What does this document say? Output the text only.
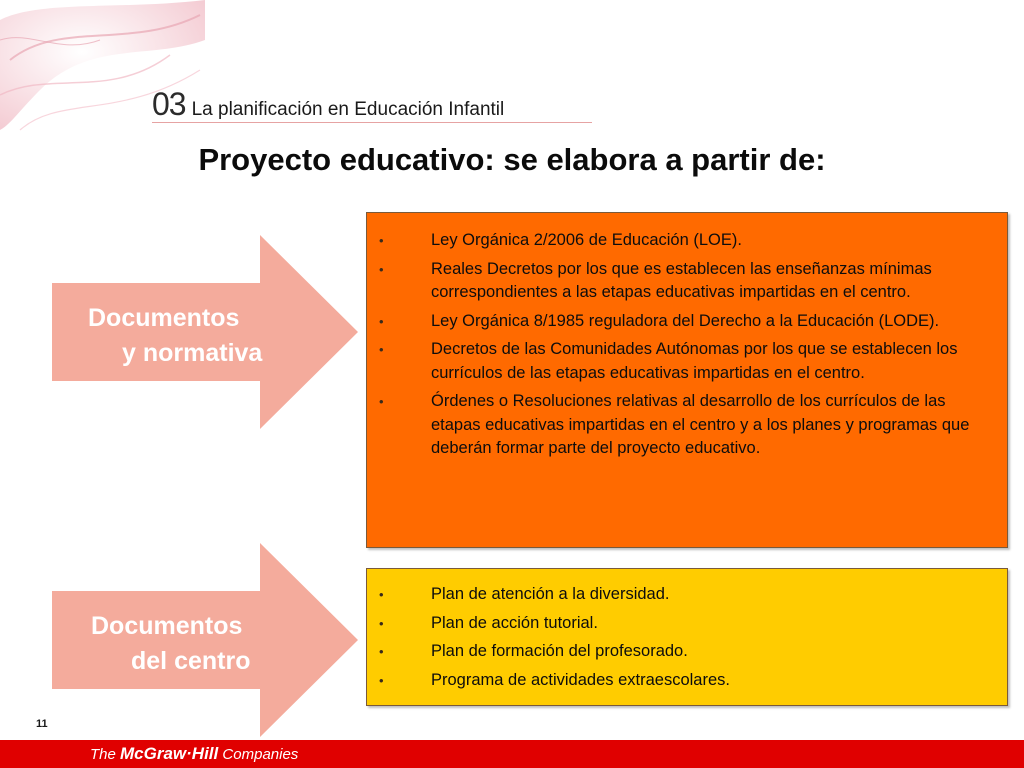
03 La planificación en Educación Infantil
Proyecto educativo: se elabora a partir de:
Documentos
y normativa
•	Ley Orgánica 2/2006 de Educación (LOE).
•	Reales Decretos por los que es establecen las enseñanzas mínimas correspondientes a las etapas educativas impartidas en el centro.
•	Ley Orgánica 8/1985 reguladora del Derecho a la Educación (LODE).
•	Decretos de las Comunidades Autónomas por los que se establecen los currículos de las etapas educativas impartidas en el centro.
•	Órdenes o Resoluciones relativas al desarrollo de los currículos de las etapas educativas impartidas en el centro y a los planes y programas que deberán formar parte del proyecto educativo.
Documentos
del centro
•	Plan de atención a la diversidad.
•	Plan de acción tutorial.
•	Plan de formación del profesorado.
•	Programa de actividades extraescolares.
11
The McGraw·Hill Companies
